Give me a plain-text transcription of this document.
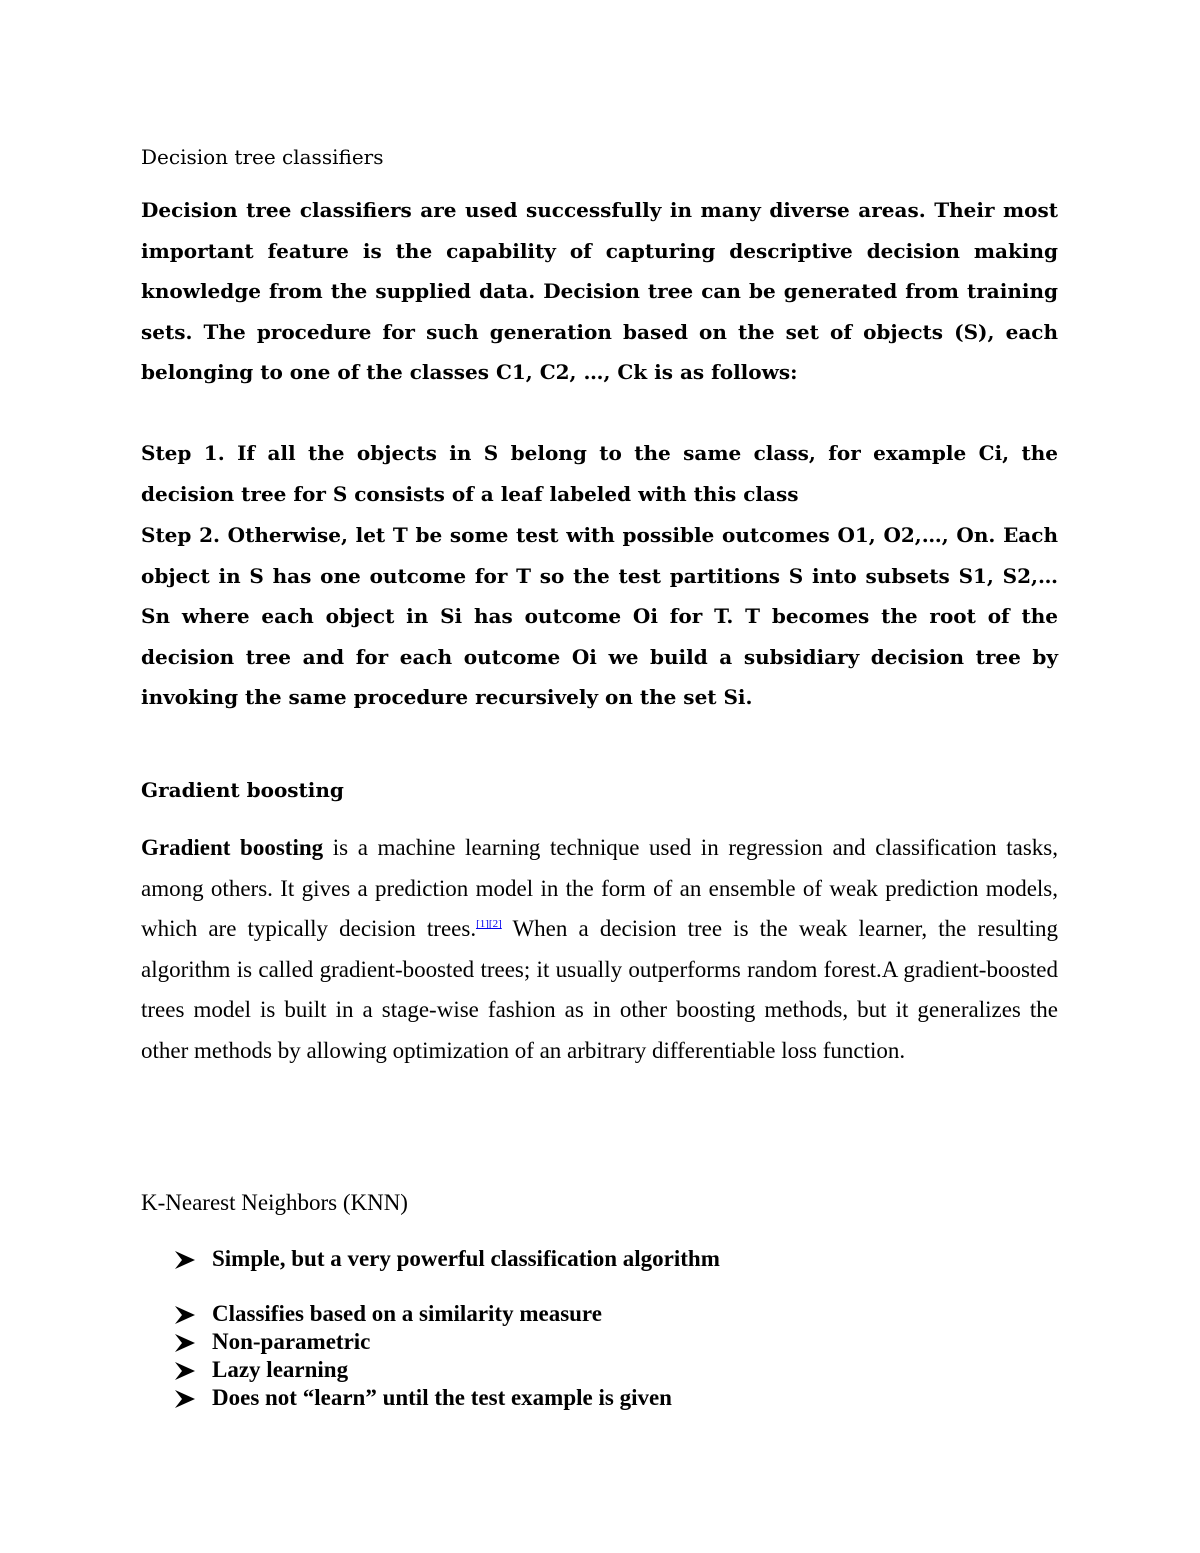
Decision tree classifiers

Decision tree classifiers are used successfully in many diverse areas. Their most important feature is the capability of capturing descriptive decision making knowledge from the supplied data. Decision tree can be generated from training sets. The procedure for such generation based on the set of objects (S), each belonging to one of the classes C1, C2, …, Ck is as follows:

Step 1. If all the objects in S belong to the same class, for example Ci, the decision tree for S consists of a leaf labeled with this class

Step 2. Otherwise, let T be some test with possible outcomes O1, O2,…, On. Each object in S has one outcome for T so the test partitions S into subsets S1, S2,… Sn where each object in Si has outcome Oi for T. T becomes the root of the decision tree and for each outcome Oi we build a subsidiary decision tree by invoking the same procedure recursively on the set Si.

Gradient boosting

Gradient boosting is a machine learning technique used in regression and classification tasks, among others. It gives a prediction model in the form of an ensemble of weak prediction models, which are typically decision trees.[1][2] When a decision tree is the weak learner, the resulting algorithm is called gradient-boosted trees; it usually outperforms random forest.A gradient-boosted trees model is built in a stage-wise fashion as in other boosting methods, but it generalizes the other methods by allowing optimization of an arbitrary differentiable loss function.

K-Nearest Neighbors (KNN)

Simple, but a very powerful classification algorithm
Classifies based on a similarity measure
Non-parametric
Lazy learning
Does not “learn” until the test example is given
